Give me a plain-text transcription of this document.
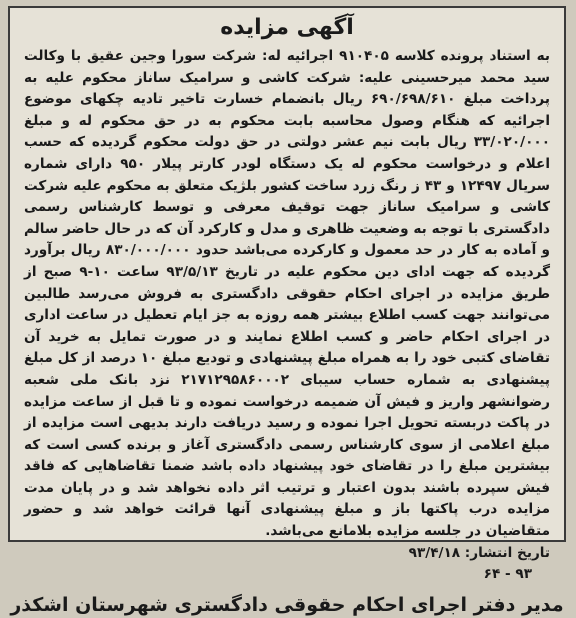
آگهی مزایده

به استناد پرونده کلاسه ۹۱۰۴۰۵ اجرائیه له: شرکت سورا وجین عقیق با وکالت سید محمد میرحسینی علیه: شرکت کاشی و سرامیک ساناز محکوم علیه به پرداخت مبلغ ۶۹۰/۶۹۸/۶۱۰ ریال بانضمام خسارت تاخیر تادیه چکهای موضوع اجرائیه که هنگام وصول محاسبه بابت محکوم به در حق محکوم له و مبلغ ۳۳/۰۲۰/۰۰۰ ریال بابت نیم عشر دولتی در حق دولت محکوم گردیده که حسب اعلام و درخواست محکوم له یک دستگاه لودر کارتر پیلار ۹۵۰ دارای شماره سریال ۱۲۴۹۷ و ۴۳ ز رنگ زرد ساخت کشور بلژیک متعلق به محکوم علیه شرکت کاشی و سرامیک ساناز جهت توقیف معرفی و توسط کارشناس رسمی دادگستری با توجه به وضعیت ظاهری و مدل و کارکرد آن که در حال حاضر سالم و آماده به کار در حد معمول و کارکرده می‌باشد حدود ۸۳۰/۰۰۰/۰۰۰ ریال برآورد گردیده که جهت ادای دین محکوم علیه در تاریخ ۹۳/۵/۱۳ ساعت ۱۰-۹ صبح از طریق مزایده در اجرای احکام حقوقی دادگستری به فروش می‌رسد طالبین می‌توانند جهت کسب اطلاع بیشتر همه روزه به جز ایام تعطیل در ساعت اداری در اجرای احکام حاضر و کسب اطلاع نمایند و در صورت تمایل به خرید آن تقاضای کتبی خود را به همراه مبلغ پیشنهادی و تودیع مبلغ ۱۰ درصد از کل مبلغ پیشنهادی به شماره حساب سیبای ۲۱۷۱۲۹۵۸۶۰۰۰۲ نزد بانک ملی شعبه رضوانشهر واریز و فیش آن ضمیمه درخواست نموده و تا قبل از ساعت مزایده در پاکت دربسته تحویل اجرا نموده و رسید دریافت دارند بدیهی است مزایده از مبلغ اعلامی از سوی کارشناس رسمی دادگستری آغاز و برنده کسی است که بیشترین مبلغ را در تقاضای خود پیشنهاد داده باشد ضمنا تقاضاهایی که فاقد فیش سپرده باشند بدون اعتبار و ترتیب اثر داده نخواهد شد و در پایان مدت مزایده درب پاکتها باز و مبلغ پیشنهادی آنها قرائت خواهد شد و حضور متقاضیان در جلسه مزایده بلامانع می‌باشد.

تاریخ انتشار: ۹۳/۴/۱۸
۹۳ - ۶۴
مدیر دفتر اجرای احکام حقوقی دادگستری شهرستان اشکذر
